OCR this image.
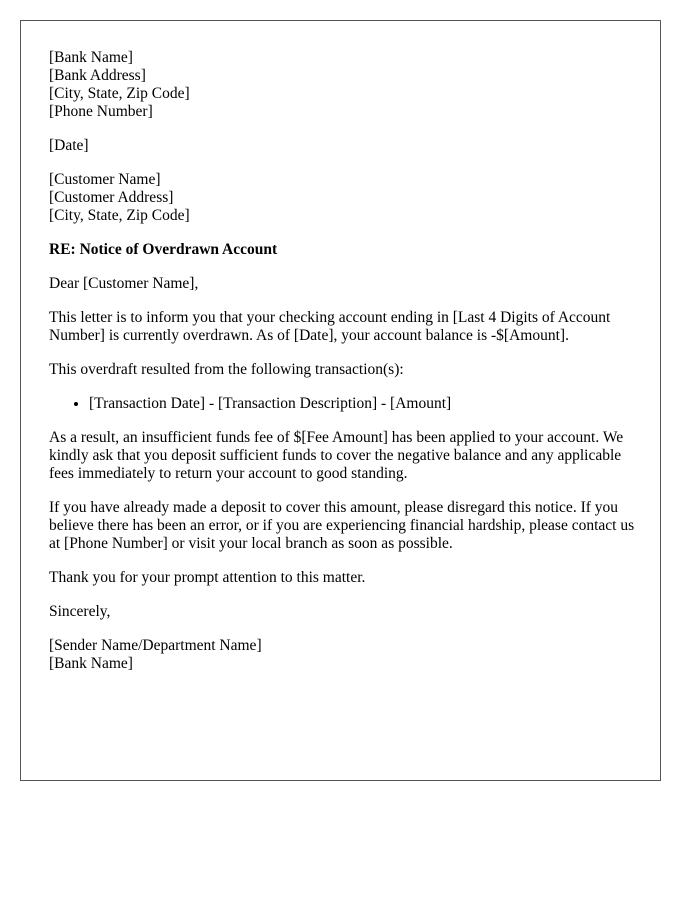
[Bank Name]
[Bank Address]
[City, State, Zip Code]
[Phone Number]
[Date]
[Customer Name]
[Customer Address]
[City, State, Zip Code]

RE: Notice of Overdrawn Account

Dear [Customer Name],

This letter is to inform you that your checking account ending in [Last 4 Digits of Account Number] is currently overdrawn. As of [Date], your account balance is -$[Amount].

This overdraft resulted from the following transaction(s):

• [Transaction Date] - [Transaction Description] - [Amount]

As a result, an insufficient funds fee of $[Fee Amount] has been applied to your account. We kindly ask that you deposit sufficient funds to cover the negative balance and any applicable fees immediately to return your account to good standing.

If you have already made a deposit to cover this amount, please disregard this notice. If you believe there has been an error, or if you are experiencing financial hardship, please contact us at [Phone Number] or visit your local branch as soon as possible.

Thank you for your prompt attention to this matter.

Sincerely,

[Sender Name/Department Name]
[Bank Name]
